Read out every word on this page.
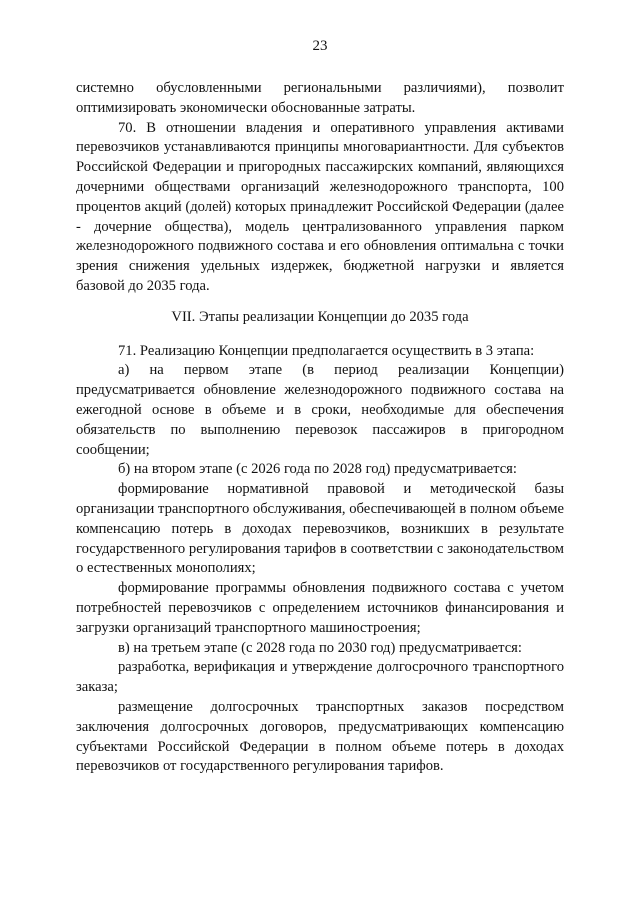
23

системно обусловленными региональными различиями), позволит оптимизировать экономически обоснованные затраты.

70. В отношении владения и оперативного управления активами перевозчиков устанавливаются принципы многовариантности. Для субъектов Российской Федерации и пригородных пассажирских компаний, являющихся дочерними обществами организаций железнодорожного транспорта, 100 процентов акций (долей) которых принадлежит Российской Федерации (далее - дочерние общества), модель централизованного управления парком железнодорожного подвижного состава и его обновления оптимальна с точки зрения снижения удельных издержек, бюджетной нагрузки и является базовой до 2035 года.

VII. Этапы реализации Концепции до 2035 года

71. Реализацию Концепции предполагается осуществить в 3 этапа:

а) на первом этапе (в период реализации Концепции) предусматривается обновление железнодорожного подвижного состава на ежегодной основе в объеме и в сроки, необходимые для обеспечения обязательств по выполнению перевозок пассажиров в пригородном сообщении;

б) на втором этапе (с 2026 года по 2028 год) предусматривается:

формирование нормативной правовой и методической базы организации транспортного обслуживания, обеспечивающей в полном объеме компенсацию потерь в доходах перевозчиков, возникших в результате государственного регулирования тарифов в соответствии с законодательством о естественных монополиях;

формирование программы обновления подвижного состава с учетом потребностей перевозчиков с определением источников финансирования и загрузки организаций транспортного машиностроения;

в) на третьем этапе (с 2028 года по 2030 год) предусматривается:

разработка, верификация и утверждение долгосрочного транспортного заказа;

размещение долгосрочных транспортных заказов посредством заключения долгосрочных договоров, предусматривающих компенсацию субъектами Российской Федерации в полном объеме потерь в доходах перевозчиков от государственного регулирования тарифов.
